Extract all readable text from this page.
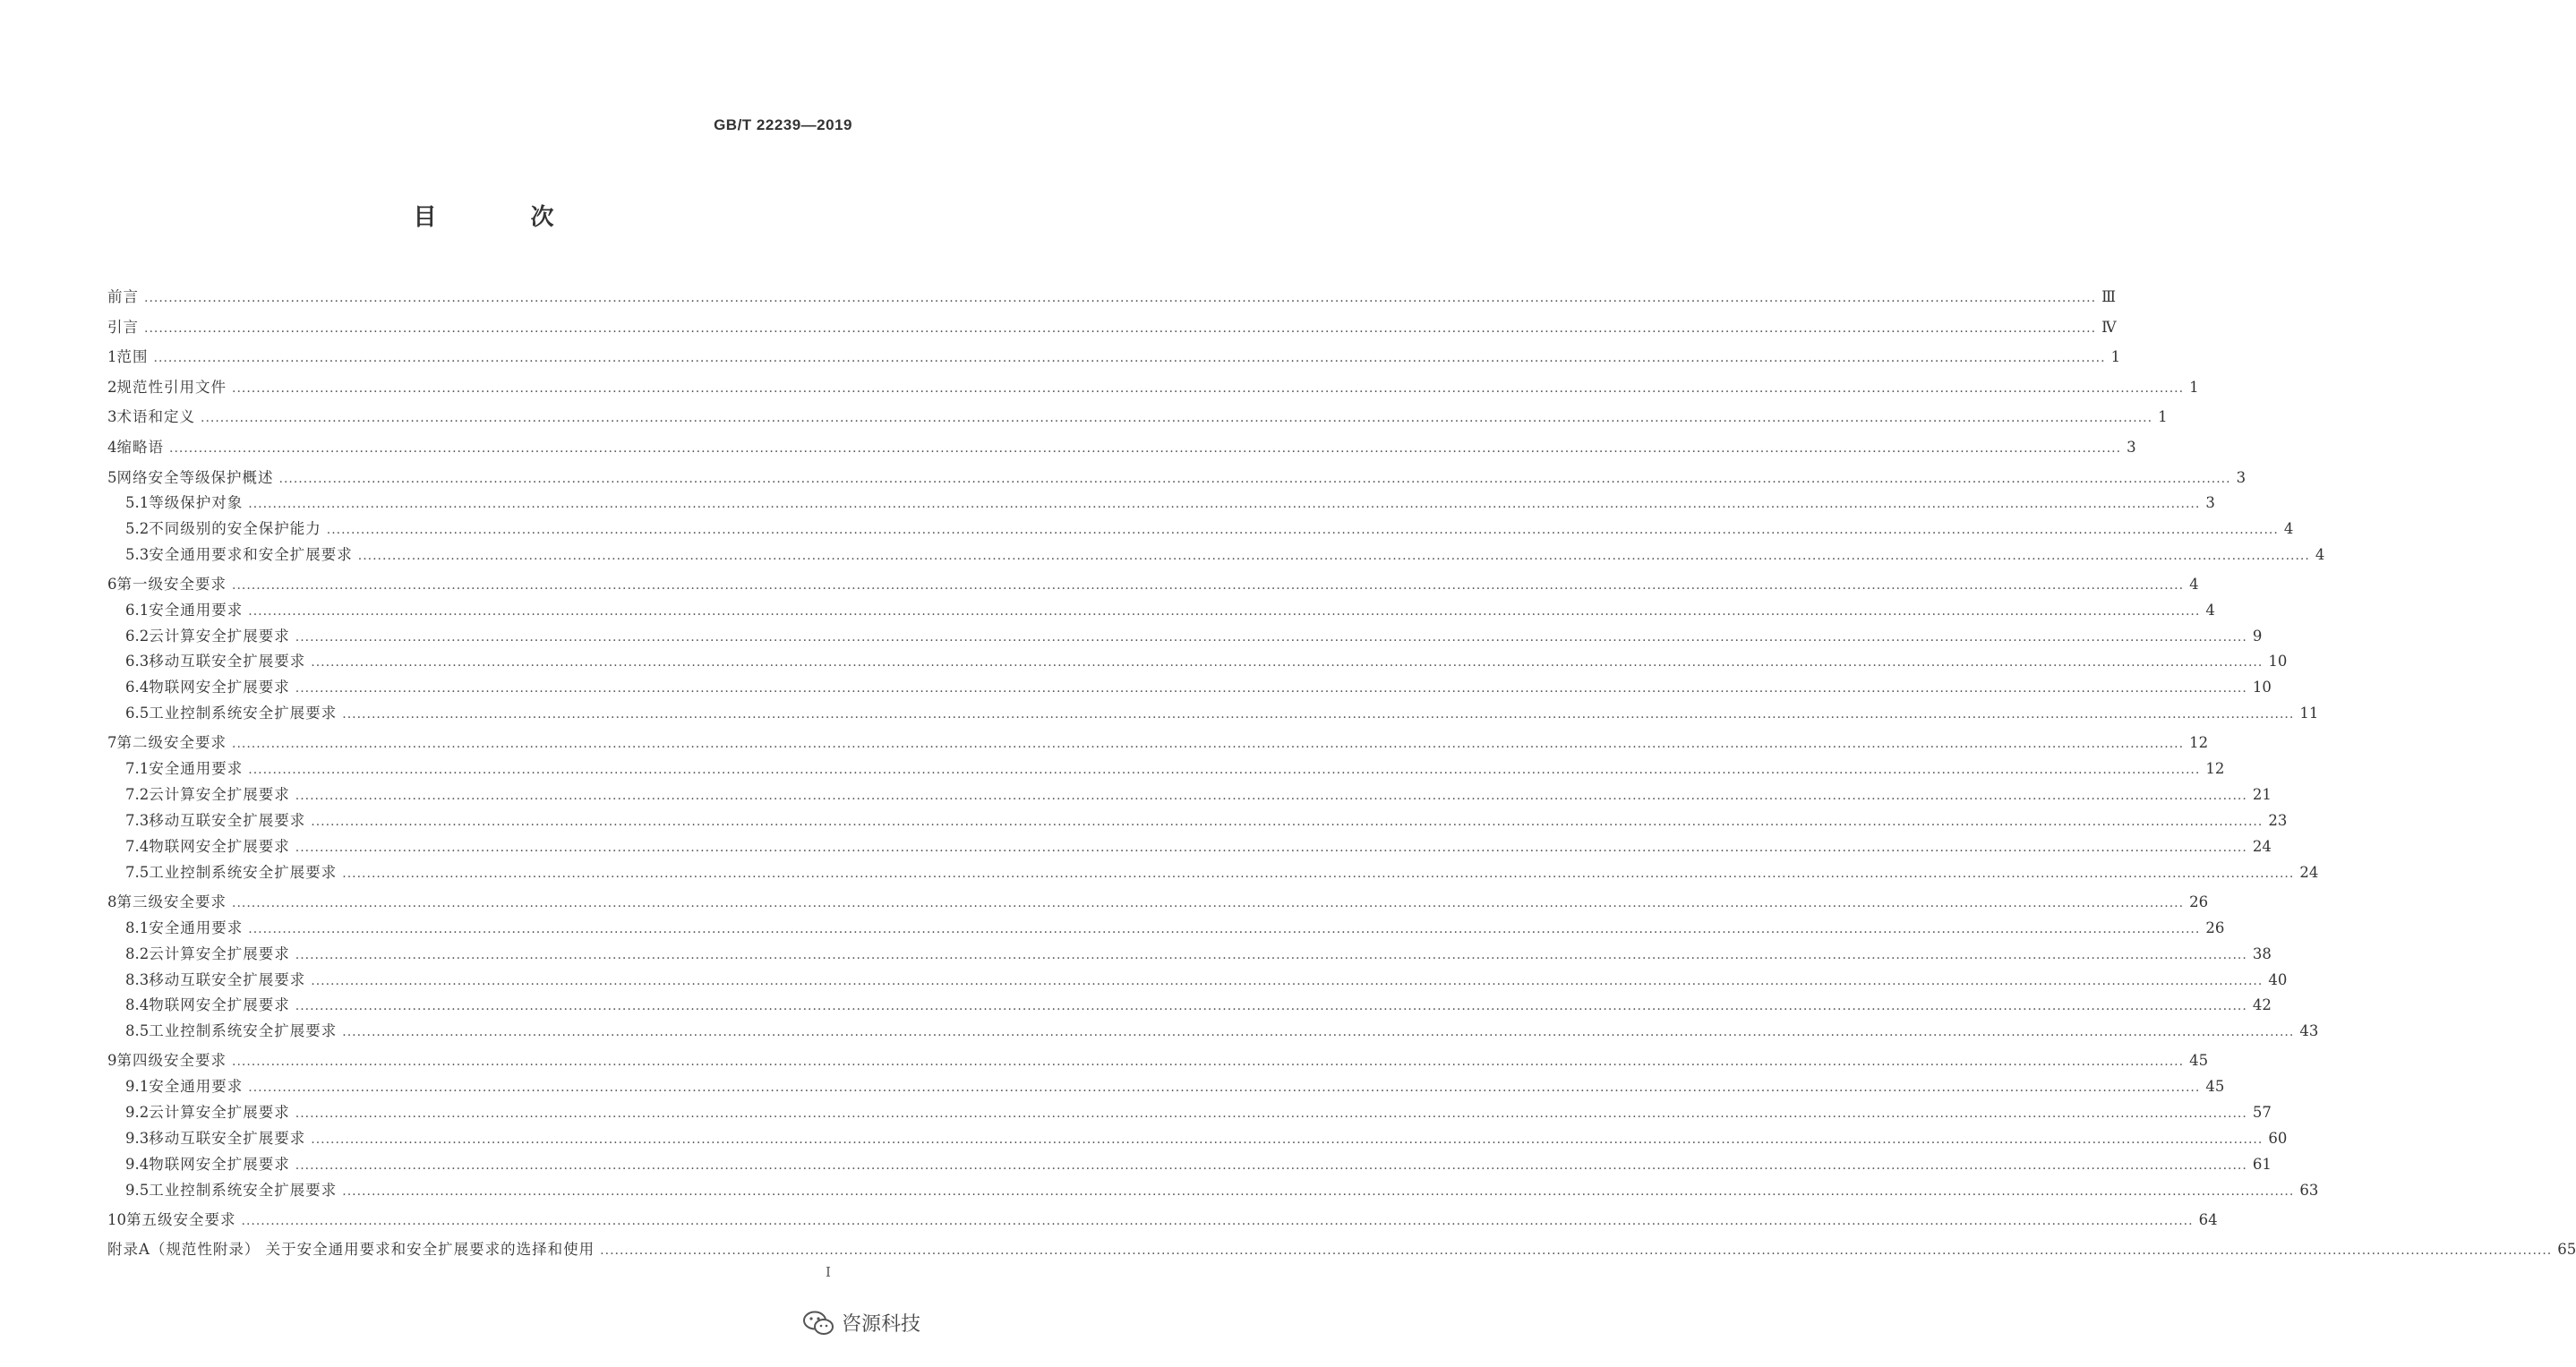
GB/T 22239—2019
目 次
前言 ................................................................................................................................................................................................................................................................................................................................................................................................................ Ⅲ
引言 ................................................................................................................................................................................................................................................................................................................................................................................................................ Ⅳ
1 范围 ................................................................................................................................................................................................................................................................................................................................................................................................................ 1
2 规范性引用文件 ................................................................................................................................................................................................................................................................................................................................................................................................................ 1
3 术语和定义 ................................................................................................................................................................................................................................................................................................................................................................................................................ 1
4 缩略语 ................................................................................................................................................................................................................................................................................................................................................................................................................ 3
5 网络安全等级保护概述 ................................................................................................................................................................................................................................................................................................................................................................................................................ 3
5.1 等级保护对象 ................................................................................................................................................................................................................................................................................................................................................................................................................ 3
5.2 不同级别的安全保护能力 ................................................................................................................................................................................................................................................................................................................................................................................................................ 4
5.3 安全通用要求和安全扩展要求 ................................................................................................................................................................................................................................................................................................................................................................................................................ 4
6 第一级安全要求 ................................................................................................................................................................................................................................................................................................................................................................................................................ 4
6.1 安全通用要求 ................................................................................................................................................................................................................................................................................................................................................................................................................ 4
6.2 云计算安全扩展要求 ................................................................................................................................................................................................................................................................................................................................................................................................................ 9
6.3 移动互联安全扩展要求 ................................................................................................................................................................................................................................................................................................................................................................................................................ 10
6.4 物联网安全扩展要求 ................................................................................................................................................................................................................................................................................................................................................................................................................ 10
6.5 工业控制系统安全扩展要求 ................................................................................................................................................................................................................................................................................................................................................................................................................ 11
7 第二级安全要求 ................................................................................................................................................................................................................................................................................................................................................................................................................ 12
7.1 安全通用要求 ................................................................................................................................................................................................................................................................................................................................................................................................................ 12
7.2 云计算安全扩展要求 ................................................................................................................................................................................................................................................................................................................................................................................................................ 21
7.3 移动互联安全扩展要求 ................................................................................................................................................................................................................................................................................................................................................................................................................ 23
7.4 物联网安全扩展要求 ................................................................................................................................................................................................................................................................................................................................................................................................................ 24
7.5 工业控制系统安全扩展要求 ................................................................................................................................................................................................................................................................................................................................................................................................................ 24
8 第三级安全要求 ................................................................................................................................................................................................................................................................................................................................................................................................................ 26
8.1 安全通用要求 ................................................................................................................................................................................................................................................................................................................................................................................................................ 26
8.2 云计算安全扩展要求 ................................................................................................................................................................................................................................................................................................................................................................................................................ 38
8.3 移动互联安全扩展要求 ................................................................................................................................................................................................................................................................................................................................................................................................................ 40
8.4 物联网安全扩展要求 ................................................................................................................................................................................................................................................................................................................................................................................................................ 42
8.5 工业控制系统安全扩展要求 ................................................................................................................................................................................................................................................................................................................................................................................................................ 43
9 第四级安全要求 ................................................................................................................................................................................................................................................................................................................................................................................................................ 45
9.1 安全通用要求 ................................................................................................................................................................................................................................................................................................................................................................................................................ 45
9.2 云计算安全扩展要求 ................................................................................................................................................................................................................................................................................................................................................................................................................ 57
9.3 移动互联安全扩展要求 ................................................................................................................................................................................................................................................................................................................................................................................................................ 60
9.4 物联网安全扩展要求 ................................................................................................................................................................................................................................................................................................................................................................................................................ 61
9.5 工业控制系统安全扩展要求 ................................................................................................................................................................................................................................................................................................................................................................................................................ 63
10 第五级安全要求 ................................................................................................................................................................................................................................................................................................................................................................................................................ 64
附录A（规范性附录） 关于安全通用要求和安全扩展要求的选择和使用 ................................................................................................................................................................................................................................................................................................................................................................................................................ 65
I
咨源科技
